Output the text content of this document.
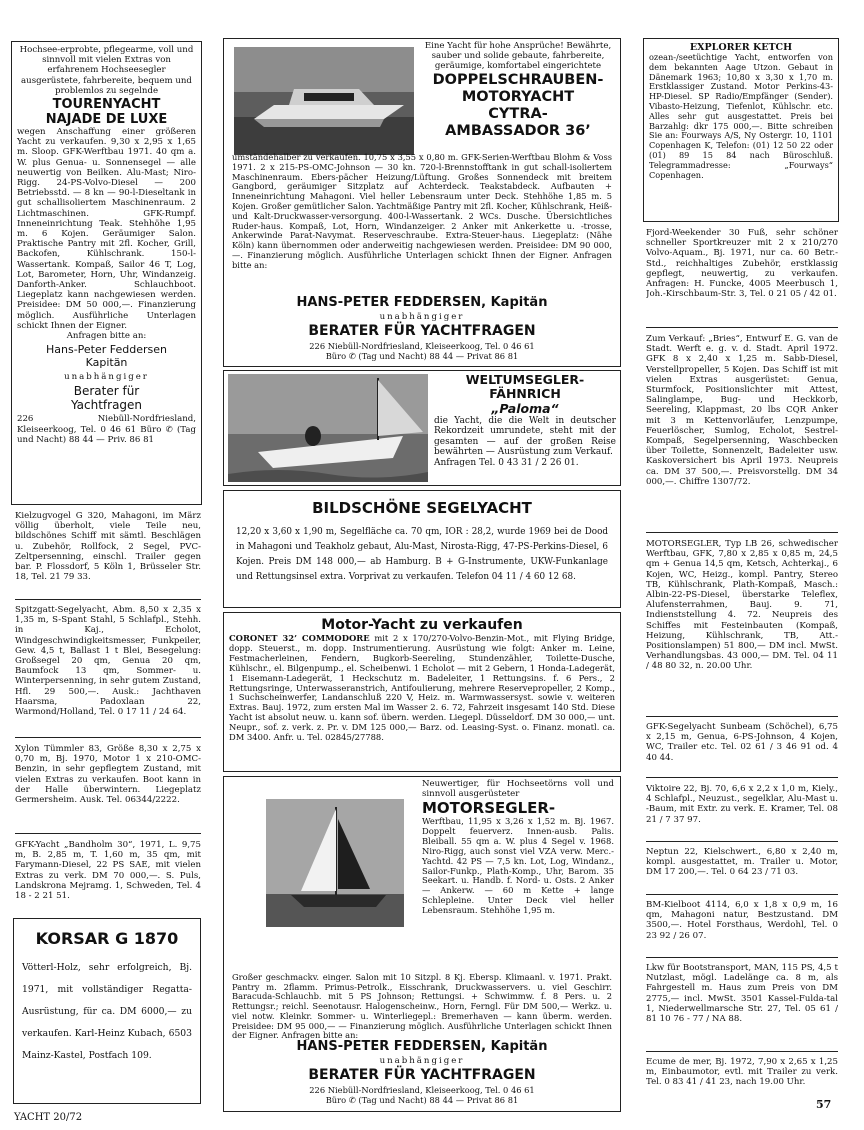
Hochsee-erprobte, pflegearme, voll und sinnvoll mit vielen Extras von erfahrenem Hochseesegler ausgerüstete, fahrbereite, bequem und problemlos zu segelnde

TOURENYACHT
NAJADE DE LUXE

wegen Anschaffung einer größeren Yacht zu verkaufen. 9,30 x 2,95 x 1,65 m. Sloop. GFK-Werftbau 1971. 40 qm a. W. plus Genua- u. Sonnensegel — alle neuwertig von Beilken. Alu-Mast; Niro-Rigg. 24-PS-Volvo-Diesel — 200 Betriebsstd. — 8 kn — 90-l-Dieseltank in gut schallisoliertem Maschinenraum. 2 Lichtmaschinen. GFK-Rumpf. Inneneinrichtung Teak. Stehhöhe 1,95 m. 6 Kojen. Geräumiger Salon. Praktische Pantry mit 2fl. Kocher, Grill, Backofen, Kühlschrank. 150-l-Wassertank. Kompaß, Sailor 46 T, Log, Lot, Barometer, Horn, Uhr, Windanzeig. Danforth-Anker. Schlauchboot. Liegeplatz kann nachgewiesen werden. Preisidee: DM 50 000,—. Finanzierung möglich. Ausführliche Unterlagen schickt Ihnen der Eigner.

Anfragen bitte an:

Hans-Peter Feddersen
Kapitän
unabhängiger
Berater für
Yachtfragen

226 Niebüll-Nordfriesland, Kleiseerkoog, Tel. 0 46 61 Büro ✆ (Tag und Nacht) 88 44 — Priv. 86 81

Kielzugvogel G 320, Mahagoni, im März völlig überholt, viele Teile neu, bildschönes Schiff mit sämtl. Beschlägen u. Zubehör, Rollfock, 2 Segel, PVC-Zeltpersenning, einschl. Trailer gegen bar. P. Flossdorf, 5 Köln 1, Brüsseler Str. 18, Tel. 21 79 33.

Spitzgatt-Segelyacht, Abm. 8,50 x 2,35 x 1,35 m, S-Spant Stahl, 5 Schlafpl., Stehh. in Kaj., Echolot, Windgeschwindigkeitsmesser, Funkpeiler, Gew. 4,5 t, Ballast 1 t Blei, Besegelung: Großsegel 20 qm, Genua 20 qm, Baumfock 13 qm, Sommer- u. Winterpersenning, in sehr gutem Zustand, Hfl. 29 500,—. Ausk.: Jachthaven Haarsma, Padoxlaan 22, Warmond/Holland, Tel. 0 17 11 / 24 64.

Xylon Tümmler 83, Größe 8,30 x 2,75 x 0,70 m, Bj. 1970, Motor 1 x 210-OMC-Benzin, in sehr gepflegtem Zustand, mit vielen Extras zu verkaufen. Boot kann in der Halle überwintern. Liegeplatz Germersheim. Ausk. Tel. 06344/2222.

GFK-Yacht „Bandholm 30“, 1971, L. 9,75 m, B. 2,85 m, T. 1,60 m, 35 qm, mit Farymann-Diesel, 22 PS SAE, mit vielen Extras zu verk. DM 70 000,—. S. Puls, Landskrona Mejramg. 1, Schweden, Tel. 4 18 - 2 21 51.

KORSAR G 1870

Vötterl-Holz, sehr erfolgreich, Bj. 1971, mit vollständiger Regatta-Ausrüstung, für ca. DM 6000,— zu verkaufen. Karl-Heinz Kubach, 6503 Mainz-Kastel, Postfach 109.

Eine Yacht für hohe Ansprüche! Bewährte, sauber und solide gebaute, fahrbereite, geräumige, komfortabel eingerichtete

DOPPELSCHRAUBEN-
MOTORYACHT
CYTRA-
AMBASSADOR 36’

umständehalber zu verkaufen. 10,75 x 3,55 x 0,80 m. GFK-Serien-Werftbau Blohm & Voss 1971. 2 x 215-PS-OMC-Johnson — 30 kn. 720-l-Brennstofftank in gut schall-isoliertem Maschinenraum. Ebers-pächer Heizung/Lüftung. Großes Sonnendeck mit breitem Gangbord, geräumiger Sitzplatz auf Achterdeck. Teakstabdeck. Aufbauten + Inneneinrichtung Mahagoni. Viel heller Lebensraum unter Deck. Stehhöhe 1,85 m. 5 Kojen. Großer gemütlicher Salon. Yachtmäßige Pantry mit 2fl. Kocher, Kühlschrank, Heiß- und Kalt-Druckwasser-versorgung. 400-l-Wassertank. 2 WCs. Dusche. Übersichtliches Ruder-haus. Kompaß, Lot, Horn, Windanzeiger. 2 Anker mit Ankerkette u. -trosse, Ankerwinde Parat-Navymat. Reserveschraube. Extra-Steuer-haus. Liegeplatz: (Nähe Köln) kann übernommen oder anderweitig nachgewiesen werden. Preisidee: DM 90 000,—. Finanzierung möglich. Ausführliche Unterlagen schickt Ihnen der Eigner. Anfragen bitte an:

HANS-PETER FEDDERSEN, Kapitän
unabhängiger
BERATER FÜR YACHTFRAGEN
226 Niebüll-Nordfriesland, Kleiseerkoog, Tel. 0 46 61
Büro ✆ (Tag und Nacht) 88 44 — Privat 86 81
WELTUMSEGLER-
FÄHNRICH
„Paloma“

die Yacht, die die Welt in deutscher Rekordzeit umrundete, steht mit der gesamten — auf der großen Reise bewährten — Ausrüstung zum Verkauf.

Anfragen Tel. 0 43 31 / 2 26 01.

BILDSCHÖNE SEGELYACHT

12,20 x 3,60 x 1,90 m, Segelfläche ca. 70 qm, IOR : 28,2, wurde 1969 bei de Dood in Mahagoni und Teakholz gebaut, Alu-Mast, Nirosta-Rigg, 47-PS-Perkins-Diesel, 6 Kojen. Preis DM 148 000,— ab Hamburg. B + G-Instrumente, UKW-Funkanlage und Rettungsinsel extra. Vorprivat zu verkaufen. Telefon 04 11 / 4 60 12 68.

Motor-Yacht zu verkaufen

CORONET 32’ COMMODORE mit 2 x 170/270-Volvo-Benzin-Mot., mit Flying Bridge, dopp. Steuerst., m. dopp. Instrumentierung. Ausrüstung wie folgt: Anker m. Leine, Festmacherleinen, Fendern, Bugkorb-Seereling, Stundenzähler, Toilette-Dusche, Kühlschr., el. Bilgenpump., el. Scheibenwi. 1 Echolot — mit 2 Gebern, 1 Honda-Ladegerät, 1 Eisemann-Ladegerät, 1 Heckschutz m. Badeleiter, 1 Rettungsins. f. 6 Pers., 2 Rettungsringe, Unterwasseranstrich, Antifoulierung, mehrere Reservepropeller, 2 Komp., 1 Suchscheinwerfer, Landanschluß 220 V, Heiz. m. Warmwassersyst. sowie v. weiteren Extras. Bauj. 1972, zum ersten Mal im Wasser 2. 6. 72, Fahrzeit insgesamt 140 Std. Diese Yacht ist absolut neuw. u. kann sof. übern. werden. Liegepl. Düsseldorf. DM 30 000,— unt. Neupr., sof. z. verk. z. Pr. v. DM 125 000,— Barz. od. Leasing-Syst. o. Finanz. monatl. ca. DM 3400. Anfr. u. Tel. 02845/27788.

Neuwertiger, für Hochseetörns voll und sinnvoll ausgerüsteter

MOTORSEGLER-

Werftbau, 11,95 x 3,26 x 1,52 m. Bj. 1967. Doppelt feuerverz. Innen-ausb. Palis. Bleiball. 55 qm a. W. plus 4 Segel v. 1968. Niro-Rigg, auch sonst viel VZA verw. Merc.-Yachtd. 42 PS — 7,5 kn. Lot, Log, Windanz., Sailor-Funkp., Plath-Komp., Uhr, Barom. 35 Seekart. u. Handb. f. Nord- u. Osts. 2 Anker — Ankerw. — 60 m Kette + lange Schlepleine. Unter Deck viel heller Lebensraum. Stehhöhe 1,95 m.

Großer geschmackv. einger. Salon mit 10 Sitzpl. 8 Kj. Ebersp. Klimaanl. v. 1971. Prakt. Pantry m. 2flamm. Primus-Petrolk., Eisschrank, Druckwasservers. u. viel Geschirr. Baracuda-Schlauchb. mit 5 PS Johnson; Rettungsi. + Schwimmw. f. 8 Pers. u. 2 Rettungsr.; reichl. Seenotausr. Halogenscheinw., Horn, Ferngl. Für DM 500,— Werkz. u. viel notw. Kleinkr. Sommer- u. Winterliegepl.: Bremerhaven — kann überm. werden. Preisidee: DM 95 000,— — Finanzierung möglich. Ausführliche Unterlagen schickt Ihnen der Eigner. Anfragen bitte an:

HANS-PETER FEDDERSEN, Kapitän
unabhängiger
BERATER FÜR YACHTFRAGEN
226 Niebüll-Nordfriesland, Kleiseerkoog, Tel. 0 46 61
Büro ✆ (Tag und Nacht) 88 44 — Privat 86 81
EXPLORER KETCH

ozean-/seetüchtige Yacht, entworfen von dem bekannten Aage Utzon. Gebaut in Dänemark 1963; 10,80 x 3,30 x 1,70 m. Erstklassiger Zustand. Motor Perkins-43-HP-Diesel. SP Radio/Empfänger (Sender). Vibasto-Heizung, Tiefenlot, Kühlschr. etc. Alles sehr gut ausgestattet. Preis bei Barzahlg: dkr 175 000,—. Bitte schreiben Sie an: Fourways A/S, Ny Ostergr. 10, 1101 Copenhagen K, Telefon: (01) 12 50 22 oder (01) 89 15 84 nach Büroschluß. Telegrammadresse: „Fourways“ Copenhagen.

Fjord-Weekender 30 Fuß, sehr schöner schneller Sportkreuzer mit 2 x 210/270 Volvo-Aquam., Bj. 1971, nur ca. 60 Betr.-Std., reichhaltiges Zubehör, erstklassig gepflegt, neuwertig, zu verkaufen. Anfragen: H. Funcke, 4005 Meerbusch 1, Joh.-Kirschbaum-Str. 3, Tel. 0 21 05 / 42 01.

Zum Verkauf: „Bries“, Entwurf E. G. van de Stadt. Werft e. g. v. d. Stadt. April 1972. GFK 8 x 2,40 x 1,25 m. Sabb-Diesel, Verstellpropeller, 5 Kojen. Das Schiff ist mit vielen Extras ausgerüstet: Genua, Sturmfock, Positionslichter mit Attest, Salinglampe, Bug- und Heckkorb, Seereling, Klappmast, 20 lbs CQR Anker mit 3 m Kettenvorläufer, Lenzpumpe, Feuerlöscher, Sumlog, Echolot, Sestrel-Kompaß, Segelpersenning, Waschbecken über Toilette, Sonnenzelt, Badeleiter usw. Kaskoversichert bis April 1973. Neupreis ca. DM 37 500,—. Preisvorstellg. DM 34 000,—. Chiffre 1307/72.

MOTORSEGLER, Typ LB 26, schwedischer Werftbau, GFK, 7,80 x 2,85 x 0,85 m, 24,5 qm + Genua 14,5 qm, Ketsch, Achterkaj., 6 Kojen, WC, Heizg., kompl. Pantry, Stereo TB, Kühlschrank, Plath-Kompaß, Masch.: Albin-22-PS-Diesel, überstarke Teleflex, Alufensterrahmen, Bauj. 9. 71, Indienststellung 4. 72. Neupreis des Schiffes mit Festeinbauten (Kompaß, Heizung, Kühlschrank, TB, Att.-Positionslampen) 51 800,— DM incl. MwSt. Verhandlungsbas. 43 000,— DM. Tel. 04 11 / 48 80 32, n. 20.00 Uhr.

GFK-Segelyacht Sunbeam (Schöchel), 6,75 x 2,15 m, Genua, 6-PS-Johnson, 4 Kojen, WC, Trailer etc. Tel. 02 61 / 3 46 91 od. 4 40 44.

Viktoire 22, Bj. 70, 6,6 x 2,2 x 1,0 m, Kiely., 4 Schlafpl., Neuzust., segelklar, Alu-Mast u. -Baum, mit Extr. zu verk. E. Kramer, Tel. 08 21 / 7 37 97.

Neptun 22, Kielschwert., 6,80 x 2,40 m, kompl. ausgestattet, m. Trailer u. Motor, DM 17 200,—. Tel. 0 64 23 / 71 03.

BM-Kielboot 4114, 6,0 x 1,8 x 0,9 m, 16 qm, Mahagoni natur, Bestzustand. DM 3500,—. Hotel Forsthaus, Werdohl, Tel. 0 23 92 / 26 07.

Lkw für Bootstransport, MAN, 115 PS, 4,5 t Nutzlast, mögl. Ladelänge ca. 8 m, als Fahrgestell m. Haus zum Preis von DM 2775,— incl. MwSt. 3501 Kassel-Fulda-tal 1, Niederwellmarsche Str. 27, Tel. 05 61 / 81 10 76 - 77 / NA 88.

Ecume de mer, Bj. 1972, 7,90 x 2,65 x 1,25 m, Einbaumotor, evtl. mit Trailer zu verk. Tel. 0 83 41 / 41 23, nach 19.00 Uhr.

YACHT 20/72
57
